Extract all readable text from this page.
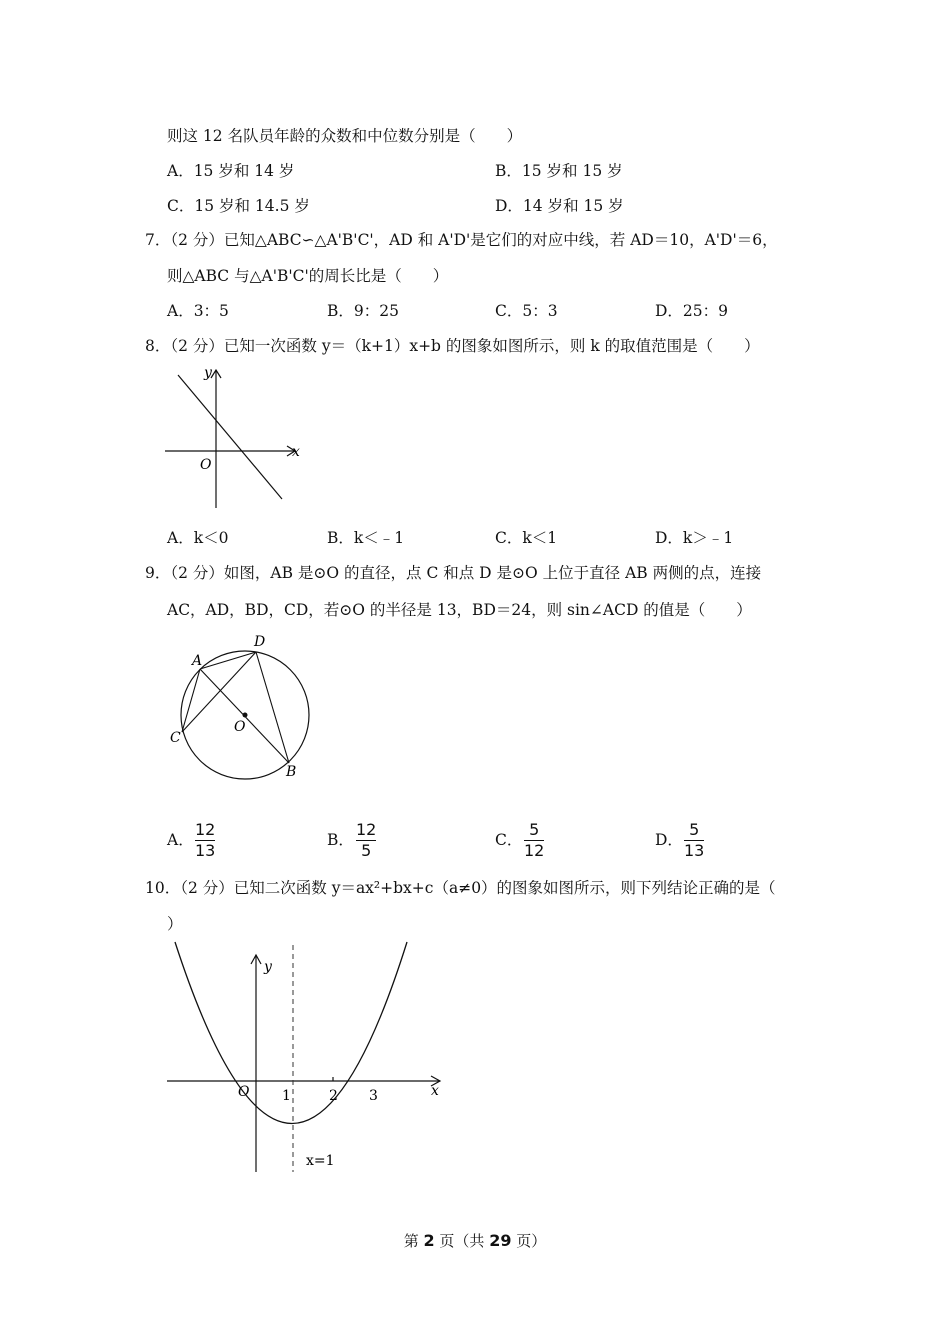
则这 12 名队员年龄的众数和中位数分别是（　　）
A．15 岁和 14 岁	B．15 岁和 15 岁
C．15 岁和 14.5 岁	D．14 岁和 15 岁
7．（2 分）已知△ABC∽△A'B'C'，AD 和 A'D'是它们的对应中线，若 AD＝10，A'D'＝6，
则△ABC 与△A'B'C'的周长比是（　　）
A．3：5	B．9：25	C．5：3	D．25：9
8．（2 分）已知一次函数 y＝（k+1）x+b 的图象如图所示，则 k 的取值范围是（　　）
x
y
O
A．k＜0	B．k＜﹣1	C．k＜1	D．k＞﹣1
9．（2 分）如图，AB 是⊙O 的直径，点 C 和点 D 是⊙O 上位于直径 AB 两侧的点，连接
AC，AD，BD，CD，若⊙O 的半径是 13，BD＝24，则 sin∠ACD 的值是（　　）
A
D
C
O
B
A．
12
13
B．
12
5
C．
5
12
D．
5
13
10．（2 分）已知二次函数 y＝ax²+bx+c（a≠0）的图象如图所示，则下列结论正确的是（
）
y
x
O 1	2 3
x=1
第 2 页（共 29 页）
